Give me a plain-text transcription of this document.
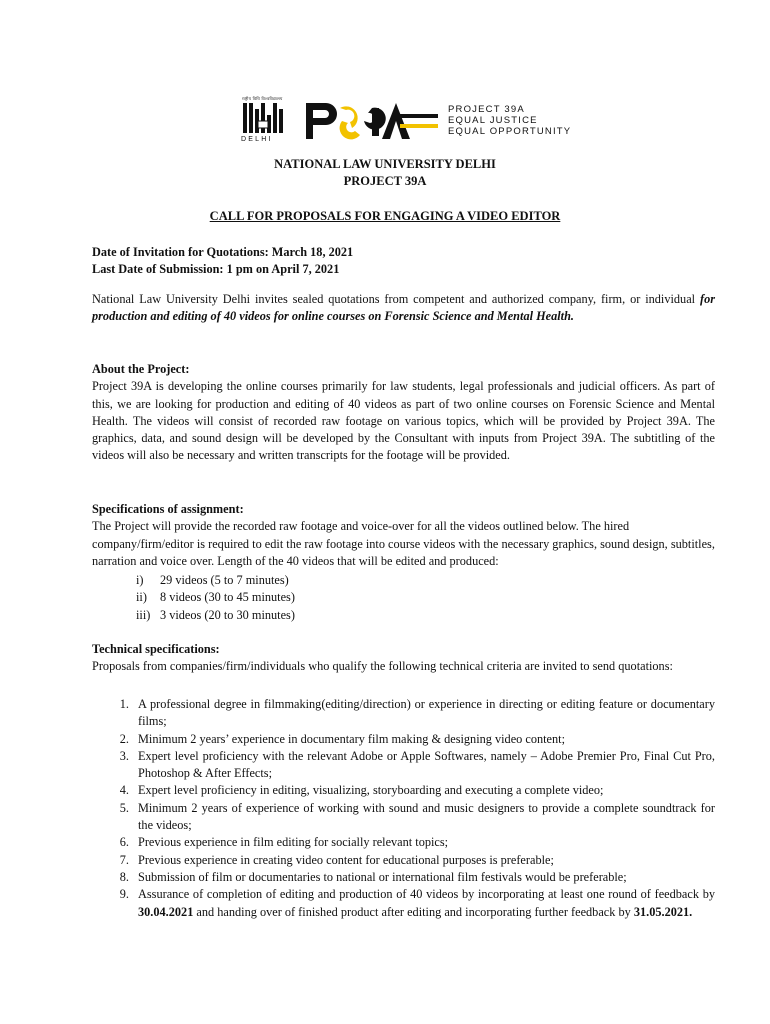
राष्ट्रीय विधि विश्वविद्यालय
DELHI
PROJECT 39A
EQUAL JUSTICE
EQUAL OPPORTUNITY
NATIONAL LAW UNIVERSITY DELHI
PROJECT 39A
CALL FOR PROPOSALS FOR ENGAGING A VIDEO EDITOR
Date of Invitation for Quotations: March 18, 2021
Last Date of Submission: 1 pm on April 7, 2021
National Law University Delhi invites sealed quotations from competent and authorized company, firm, or individual for production and editing of 40 videos for online courses on Forensic Science and Mental Health.
About the Project:

Project 39A is developing the online courses primarily for law students, legal professionals and judicial officers. As part of this, we are looking for production and editing of 40 videos as part of two online courses on Forensic Science and Mental Health. The videos will consist of recorded raw footage on various topics, which will be provided by Project 39A. The graphics, data, and sound design will be developed by the Consultant with inputs from Project 39A. The subtitling of the videos will also be necessary and written transcripts for the footage will be provided.

Specifications of assignment:

The Project will provide the recorded raw footage and voice-over for all the videos outlined below. The hired company/firm/editor is required to edit the raw footage into course videos with the necessary graphics, sound design, subtitles, narration and voice over. Length of the 40 videos that will be edited and produced:

i)	29 videos (5 to 7 minutes)
ii)	8 videos (30 to 45 minutes)
iii) 3 videos (20 to 30 minutes)
Technical specifications:

Proposals from companies/firm/individuals who qualify the following technical criteria are invited to send quotations:

1. A professional degree in filmmaking(editing/direction) or experience in directing or editing feature or documentary films;
2. Minimum 2 years’ experience in documentary film making & designing video content;
3. Expert level proficiency with the relevant Adobe or Apple Softwares, namely – Adobe Premier Pro, Final Cut Pro, Photoshop & After Effects;
4. Expert level proficiency in editing, visualizing, storyboarding and executing a complete video;
5. Minimum 2 years of experience of working with sound and music designers to provide a complete soundtrack for the videos;
6. Previous experience in film editing for socially relevant topics;
7. Previous experience in creating video content for educational purposes is preferable;
8. Submission of film or documentaries to national or international film festivals would be preferable;
9. Assurance of completion of editing and production of 40 videos by incorporating at least one round of feedback by 30.04.2021 and handing over of finished product after editing and incorporating further feedback by 31.05.2021.
